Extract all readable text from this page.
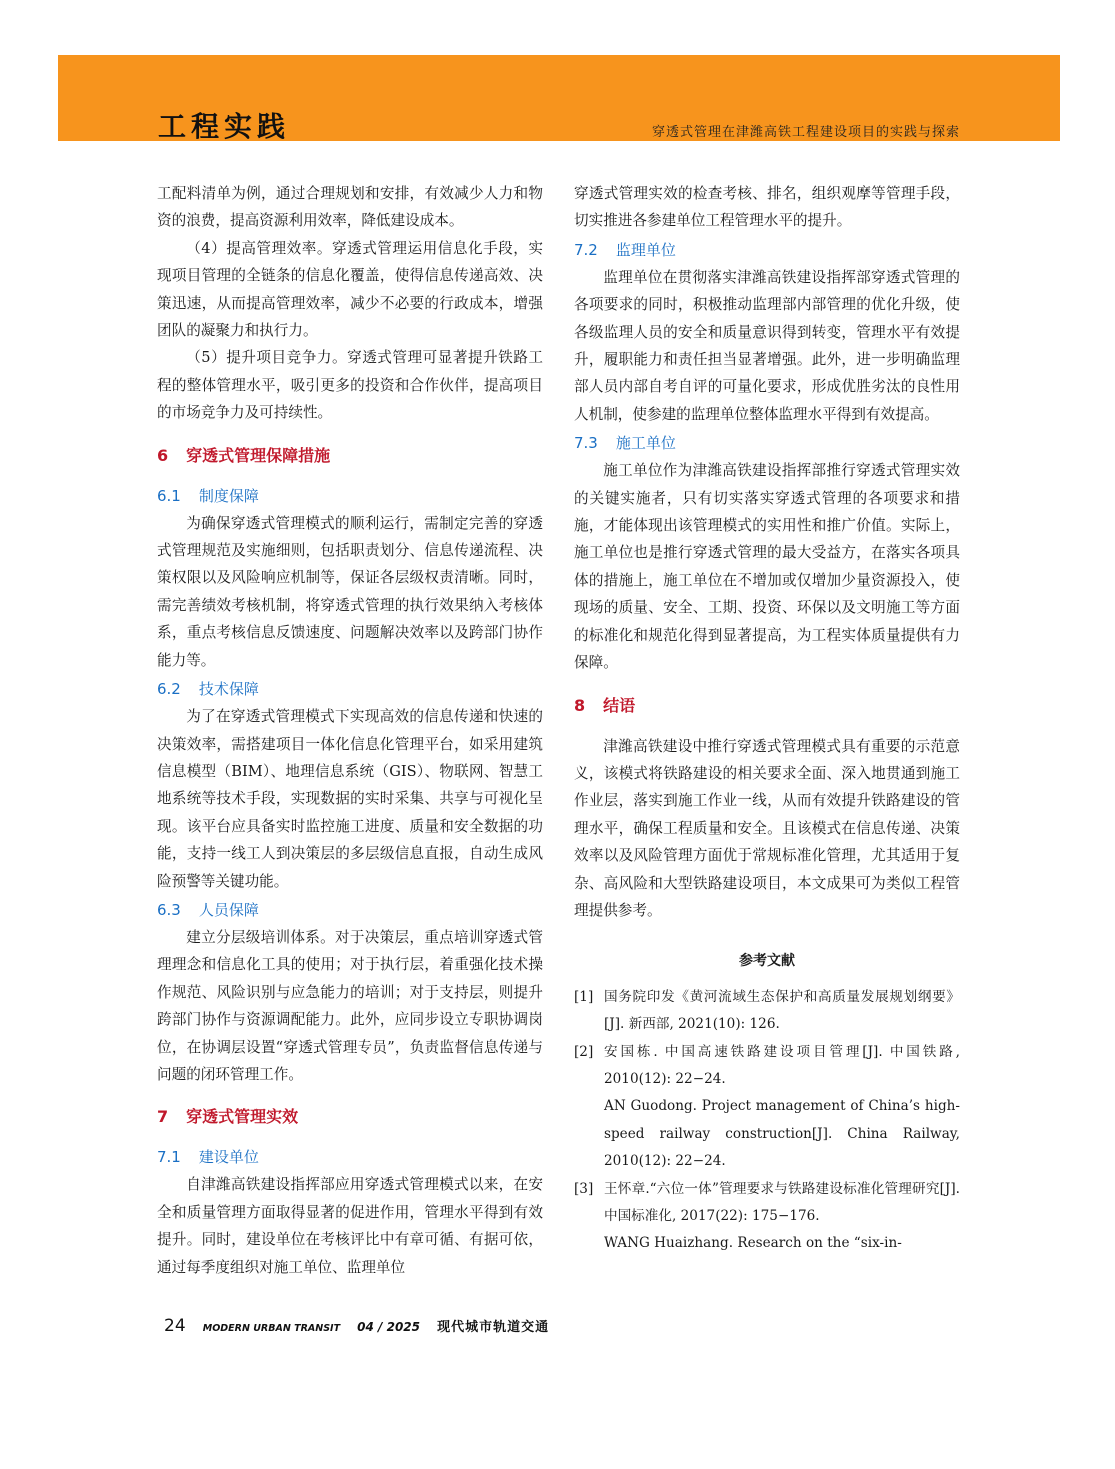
工程实践	穿透式管理在津潍高铁工程建设项目的实践与探索

工配料清单为例，通过合理规划和安排，有效减少人力和物资的浪费，提高资源利用效率，降低建设成本。

（4）提高管理效率。穿透式管理运用信息化手段，实现项目管理的全链条的信息化覆盖，使得信息传递高效、决策迅速，从而提高管理效率，减少不必要的行政成本，增强团队的凝聚力和执行力。

（5）提升项目竞争力。穿透式管理可显著提升铁路工程的整体管理水平，吸引更多的投资和合作伙伴，提高项目的市场竞争力及可持续性。

6 穿透式管理保障措施
6.1 制度保障

为确保穿透式管理模式的顺利运行，需制定完善的穿透式管理规范及实施细则，包括职责划分、信息传递流程、决策权限以及风险响应机制等，保证各层级权责清晰。同时，需完善绩效考核机制，将穿透式管理的执行效果纳入考核体系，重点考核信息反馈速度、问题解决效率以及跨部门协作能力等。

6.2 技术保障

为了在穿透式管理模式下实现高效的信息传递和快速的决策效率，需搭建项目一体化信息化管理平台，如采用建筑信息模型（BIM）、地理信息系统（GIS）、物联网、智慧工地系统等技术手段，实现数据的实时采集、共享与可视化呈现。该平台应具备实时监控施工进度、质量和安全数据的功能，支持一线工人到决策层的多层级信息直报，自动生成风险预警等关键功能。

6.3 人员保障

建立分层级培训体系。对于决策层，重点培训穿透式管理理念和信息化工具的使用；对于执行层，着重强化技术操作规范、风险识别与应急能力的培训；对于支持层，则提升跨部门协作与资源调配能力。此外，应同步设立专职协调岗位，在协调层设置“穿透式管理专员”，负责监督信息传递与问题的闭环管理工作。

7 穿透式管理实效
7.1 建设单位

自津潍高铁建设指挥部应用穿透式管理模式以来，在安全和质量管理方面取得显著的促进作用，管理水平得到有效提升。同时，建设单位在考核评比中有章可循、有据可依，通过每季度组织对施工单位、监理单位

穿透式管理实效的检查考核、排名，组织观摩等管理手段，切实推进各参建单位工程管理水平的提升。

7.2 监理单位

监理单位在贯彻落实津潍高铁建设指挥部穿透式管理的各项要求的同时，积极推动监理部内部管理的优化升级，使各级监理人员的安全和质量意识得到转变，管理水平有效提升，履职能力和责任担当显著增强。此外，进一步明确监理部人员内部自考自评的可量化要求，形成优胜劣汰的良性用人机制，使参建的监理单位整体监理水平得到有效提高。

7.3 施工单位

施工单位作为津潍高铁建设指挥部推行穿透式管理实效的关键实施者，只有切实落实穿透式管理的各项要求和措施，才能体现出该管理模式的实用性和推广价值。实际上，施工单位也是推行穿透式管理的最大受益方，在落实各项具体的措施上，施工单位在不增加或仅增加少量资源投入，使现场的质量、安全、工期、投资、环保以及文明施工等方面的标准化和规范化得到显著提高，为工程实体质量提供有力保障。

8 结语

津潍高铁建设中推行穿透式管理模式具有重要的示范意义，该模式将铁路建设的相关要求全面、深入地贯通到施工作业层，落实到施工作业一线，从而有效提升铁路建设的管理水平，确保工程质量和安全。且该模式在信息传递、决策效率以及风险管理方面优于常规标准化管理，尤其适用于复杂、高风险和大型铁路建设项目，本文成果可为类似工程管理提供参考。

参考文献
[1] 国务院印发《黄河流域生态保护和高质量发展规划纲要》[J]. 新西部, 2021(10): 126.
[2] 安国栋. 中国高速铁路建设项目管理[J]. 中国铁路, 2010(12): 22−24.
AN Guodong. Project management of China’s high-speed railway construction[J]. China Railway, 2010(12): 22−24.
[3] 王怀章.“六位一体”管理要求与铁路建设标准化管理研究[J]. 中国标准化, 2017(22): 175−176.
WANG Huaizhang. Research on the “six-in-
24 MODERN URBAN TRANSIT 04 / 2025 现代城市轨道交通
